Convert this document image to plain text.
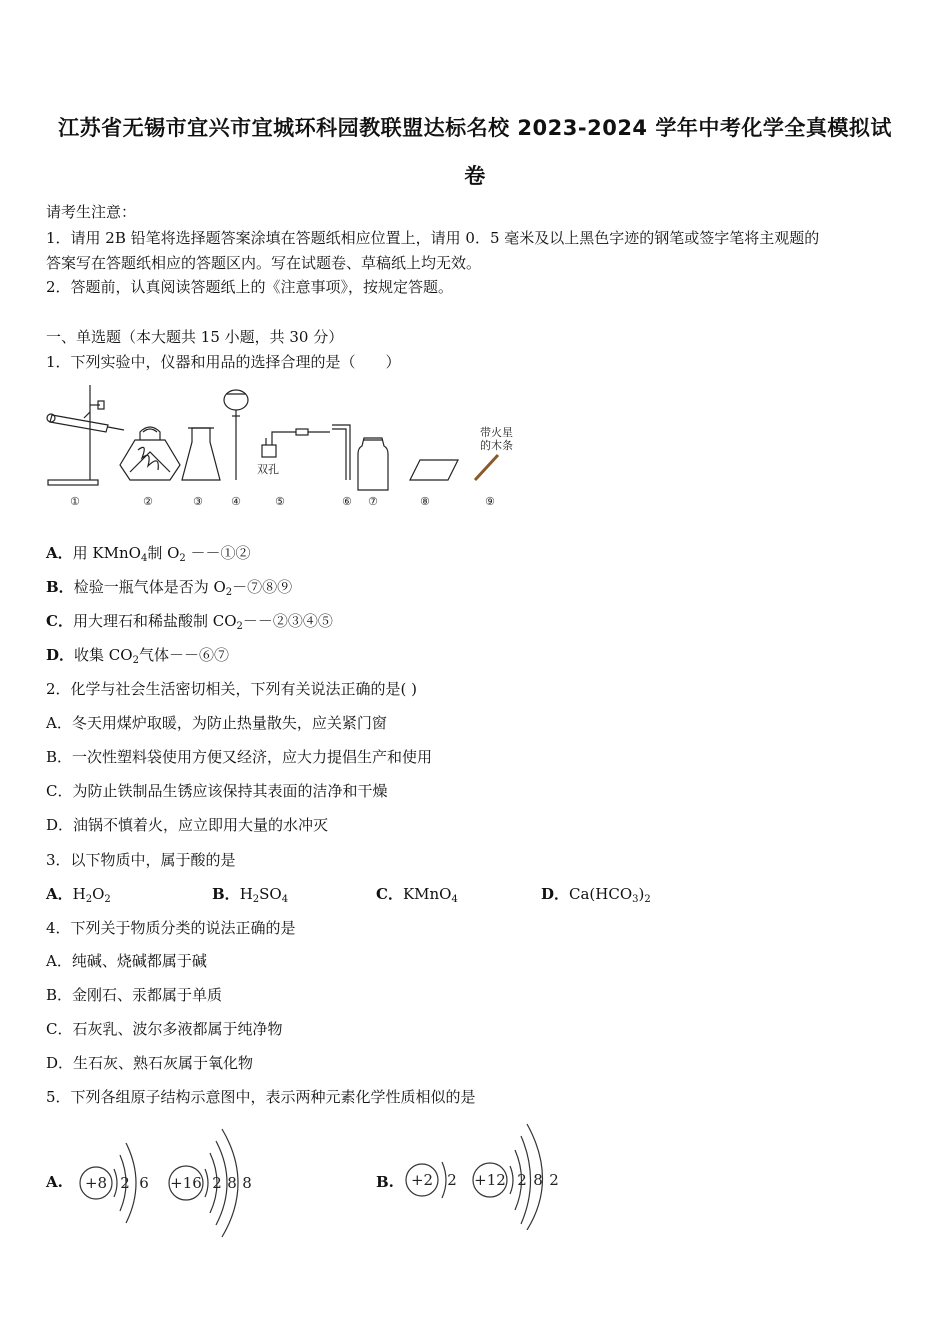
江苏省无锡市宜兴市宜城环科园教联盟达标名校 2023-2024 学年中考化学全真模拟试
卷
请考生注意：
1．请用 2B 铅笔将选择题答案涂填在答题纸相应位置上，请用 0．5 毫米及以上黑色字迹的钢笔或签字笔将主观题的
答案写在答题纸相应的答题区内。写在试题卷、草稿纸上均无效。
2．答题前，认真阅读答题纸上的《注意事项》，按规定答题。
一、单选题（本大题共 15 小题，共 30 分）
1．下列实验中，仪器和用品的选择合理的是（　　）
双孔
带火星
的木条
①	②	③	④	⑤	⑥ ⑦	⑧	⑨
A．用 KMnO$_4$制 $O_2$ －－①②
B．检验一瓶气体是否为 $O_2-⑦⑧⑨$
C．用大理石和稀盐酸制 $CO_2--②③④⑤$
D．收集 $CO_2$气体－－⑥⑦
2．化学与社会生活密切相关，下列有关说法正确的是( )
A．冬天用煤炉取暖，为防止热量散失，应关紧门窗
B．一次性塑料袋使用方便又经济，应大力提倡生产和使用
C．为防止铁制品生锈应该保持其表面的洁净和干燥
D．油锅不慎着火，应立即用大量的水冲灭
3．以下物质中，属于酸的是
A．$H_2O_2$	B．$H_2SO_4$	C．KMnO$_4$	D．$Ca(HCO_3)_2$
4．下列关于物质分类的说法正确的是
A．纯碱、烧碱都属于碱
B．金刚石、汞都属于单质
C．石灰乳、波尔多液都属于纯净物
D．生石灰、熟石灰属于氧化物
5．下列各组原子结构示意图中，表示两种元素化学性质相似的是
A. +8 2 6 +16 2 8 8	B. +2 2 +12 2 8 2
